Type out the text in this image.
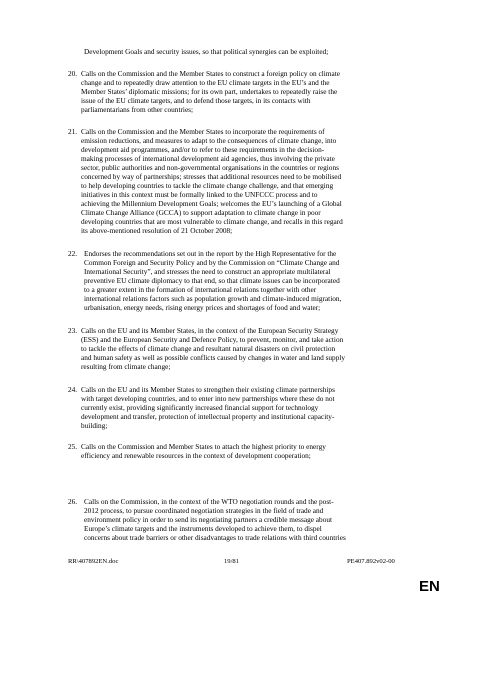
Development Goals and security issues, so that political synergies can be exploited;
20. Calls on the Commission and the Member States to construct a foreign policy on climate
change and to repeatedly draw attention to the EU climate targets in the EU’s and the
Member States’ diplomatic missions; for its own part, undertakes to repeatedly raise the
issue of the EU climate targets, and to defend those targets, in its contacts with
parliamentarians from other countries;
21. Calls on the Commission and the Member States to incorporate the requirements of
emission reductions, and measures to adapt to the consequences of climate change, into
development aid programmes, and/or to refer to these requirements in the decision-
making processes of international development aid agencies, thus involving the private
sector, public authorities and non-governmental organisations in the countries or regions
concerned by way of partnerships; stresses that additional resources need to be mobilised
to help developing countries to tackle the climate change challenge, and that emerging
initiatives in this context must be formally linked to the UNFCCC process and to
achieving the Millennium Development Goals; welcomes the EU’s launching of a Global
Climate Change Alliance (GCCA) to support adaptation to climate change in poor
developing countries that are most vulnerable to climate change, and recalls in this regard
its above-mentioned resolution of 21 October 2008;
22. Endorses the recommendations set out in the report by the High Representative for the
Common Foreign and Security Policy and by the Commission on “Climate Change and
International Security”, and stresses the need to construct an appropriate multilateral
preventive EU climate diplomacy to that end, so that climate issues can be incorporated
to a greater extent in the formation of international relations together with other
international relations factors such as population growth and climate-induced migration,
urbanisation, energy needs, rising energy prices and shortages of food and water;
23. Calls on the EU and its Member States, in the context of the European Security Strategy
(ESS) and the European Security and Defence Policy, to prevent, monitor, and take action
to tackle the effects of climate change and resultant natural disasters on civil protection
and human safety as well as possible conflicts caused by changes in water and land supply
resulting from climate change;
24. Calls on the EU and its Member States to strengthen their existing climate partnerships
with target developing countries, and to enter into new partnerships where these do not
currently exist, providing significantly increased financial support for technology
development and transfer, protection of intellectual property and institutional capacity-
building;
25. Calls on the Commission and Member States to attach the highest priority to energy
efficiency and renewable resources in the context of development cooperation;
26. Calls on the Commission, in the context of the WTO negotiation rounds and the post-
2012 process, to pursue coordinated negotiation strategies in the field of trade and
environment policy in order to send its negotiating partners a credible message about
Europe’s climate targets and the instruments developed to achieve them, to dispel
concerns about trade barriers or other disadvantages to trade relations with third countries
RR\407892EN.doc	19/81	PE407.892v02-00
EN
